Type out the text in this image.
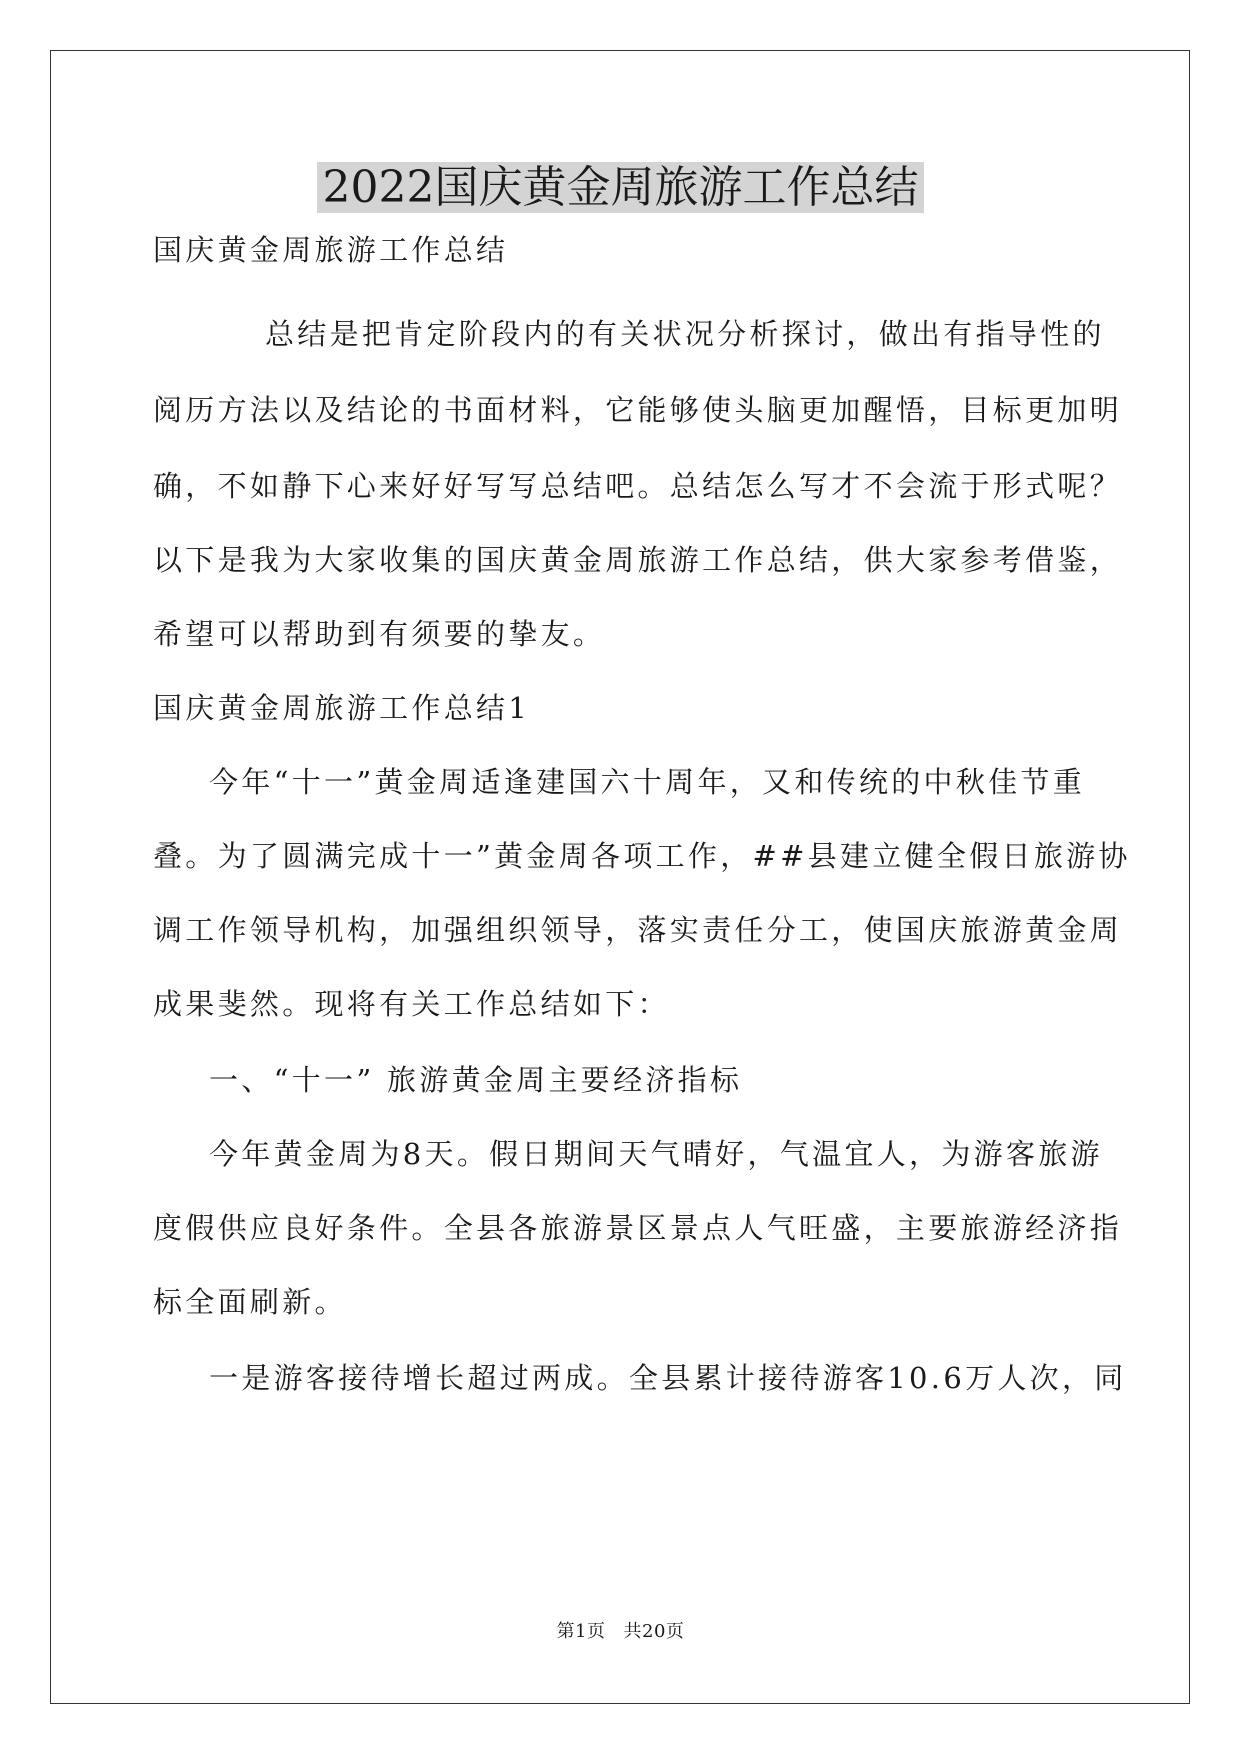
2022国庆黄金周旅游工作总结
国庆黄金周旅游工作总结
总结是把肯定阶段内的有关状况分析探讨，做出有指导性的
阅历方法以及结论的书面材料，它能够使头脑更加醒悟，目标更加明
确，不如静下心来好好写写总结吧。总结怎么写才不会流于形式呢？
以下是我为大家收集的国庆黄金周旅游工作总结，供大家参考借鉴，
希望可以帮助到有须要的挚友。
国庆黄金周旅游工作总结1
今年“十一”黄金周适逢建国六十周年，又和传统的中秋佳节重
叠。为了圆满完成十一”黄金周各项工作，##县建立健全假日旅游协
调工作领导机构，加强组织领导，落实责任分工，使国庆旅游黄金周
成果斐然。现将有关工作总结如下：
一、“十一” 旅游黄金周主要经济指标
今年黄金周为8天。假日期间天气晴好，气温宜人，为游客旅游
度假供应良好条件。全县各旅游景区景点人气旺盛，主要旅游经济指
标全面刷新。
一是游客接待增长超过两成。全县累计接待游客10.6万人次，同
第1页 共20页
